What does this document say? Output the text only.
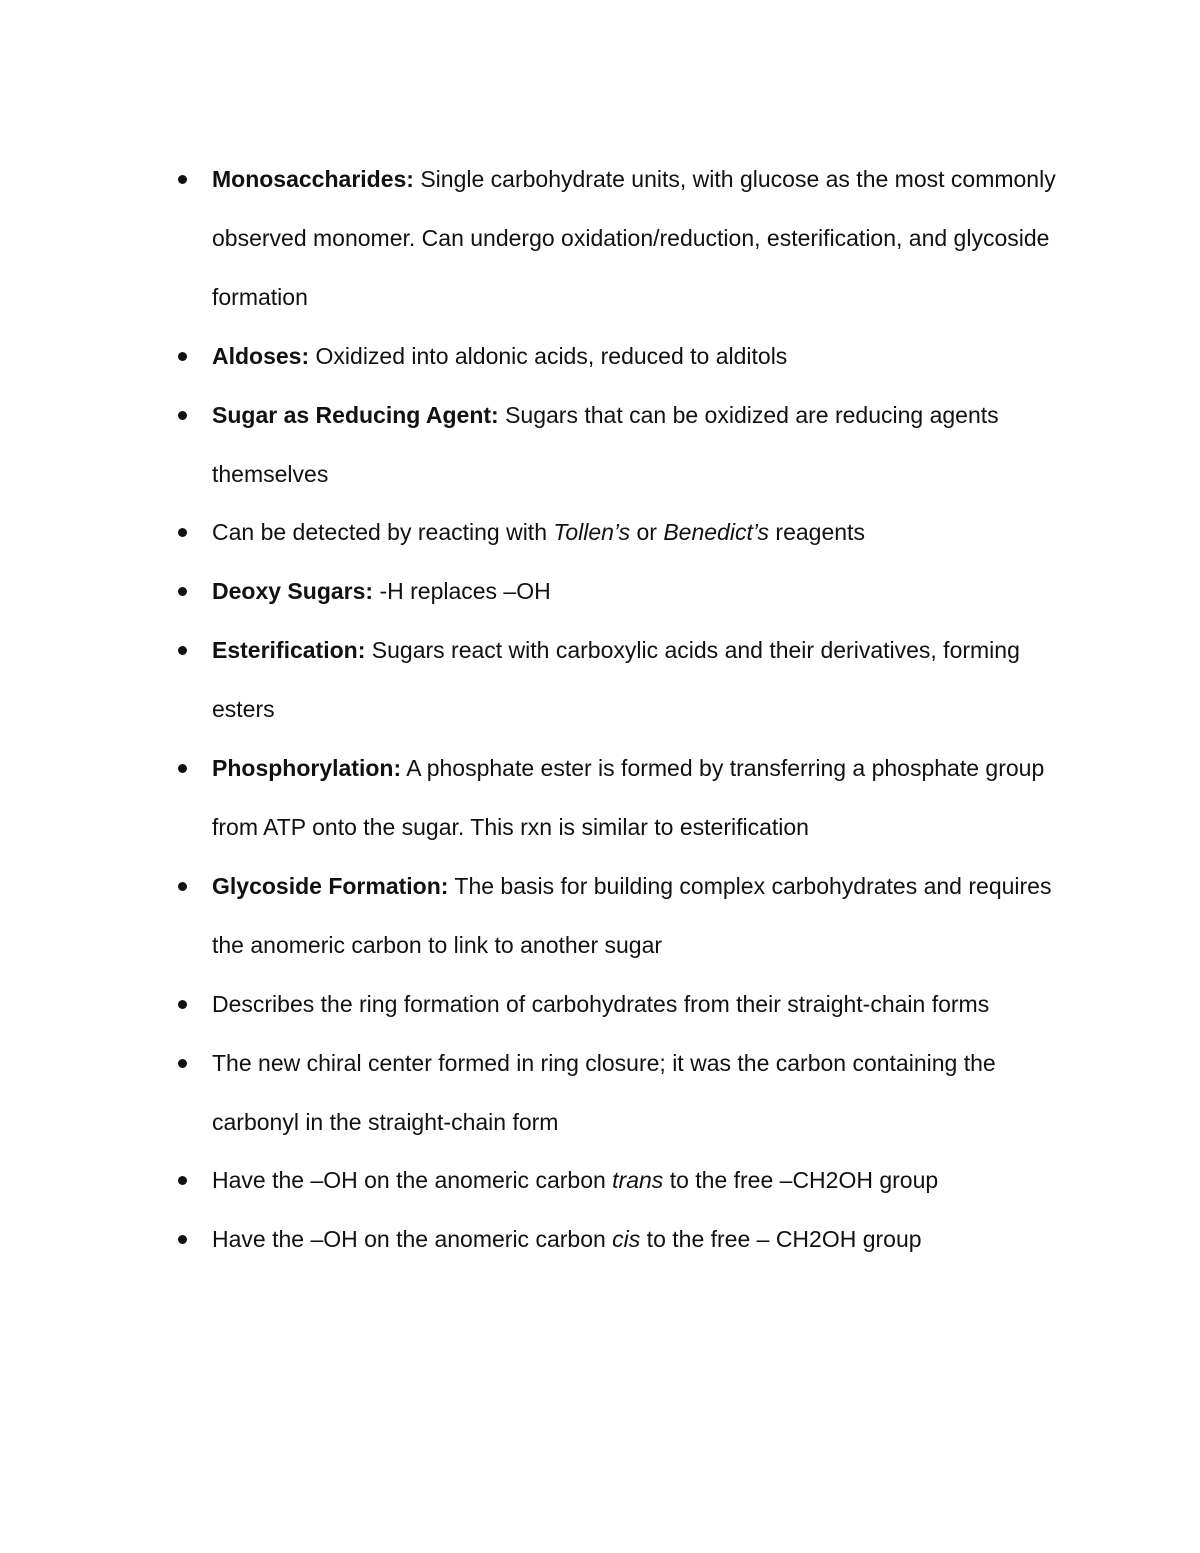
Monosaccharides: Single carbohydrate units, with glucose as the most commonly observed monomer. Can undergo oxidation/reduction, esterification, and glycoside formation
Aldoses: Oxidized into aldonic acids, reduced to alditols
Sugar as Reducing Agent: Sugars that can be oxidized are reducing agents themselves
Can be detected by reacting with Tollen’s or Benedict’s reagents
Deoxy Sugars: -H replaces –OH
Esterification: Sugars react with carboxylic acids and their derivatives, forming esters
Phosphorylation: A phosphate ester is formed by transferring a phosphate group from ATP onto the sugar. This rxn is similar to esterification
Glycoside Formation: The basis for building complex carbohydrates and requires the anomeric carbon to link to another sugar
Describes the ring formation of carbohydrates from their straight-chain forms
The new chiral center formed in ring closure; it was the carbon containing the carbonyl in the straight-chain form
Have the –OH on the anomeric carbon trans to the free –CH2OH group
Have the –OH on the anomeric carbon cis to the free – CH2OH group
